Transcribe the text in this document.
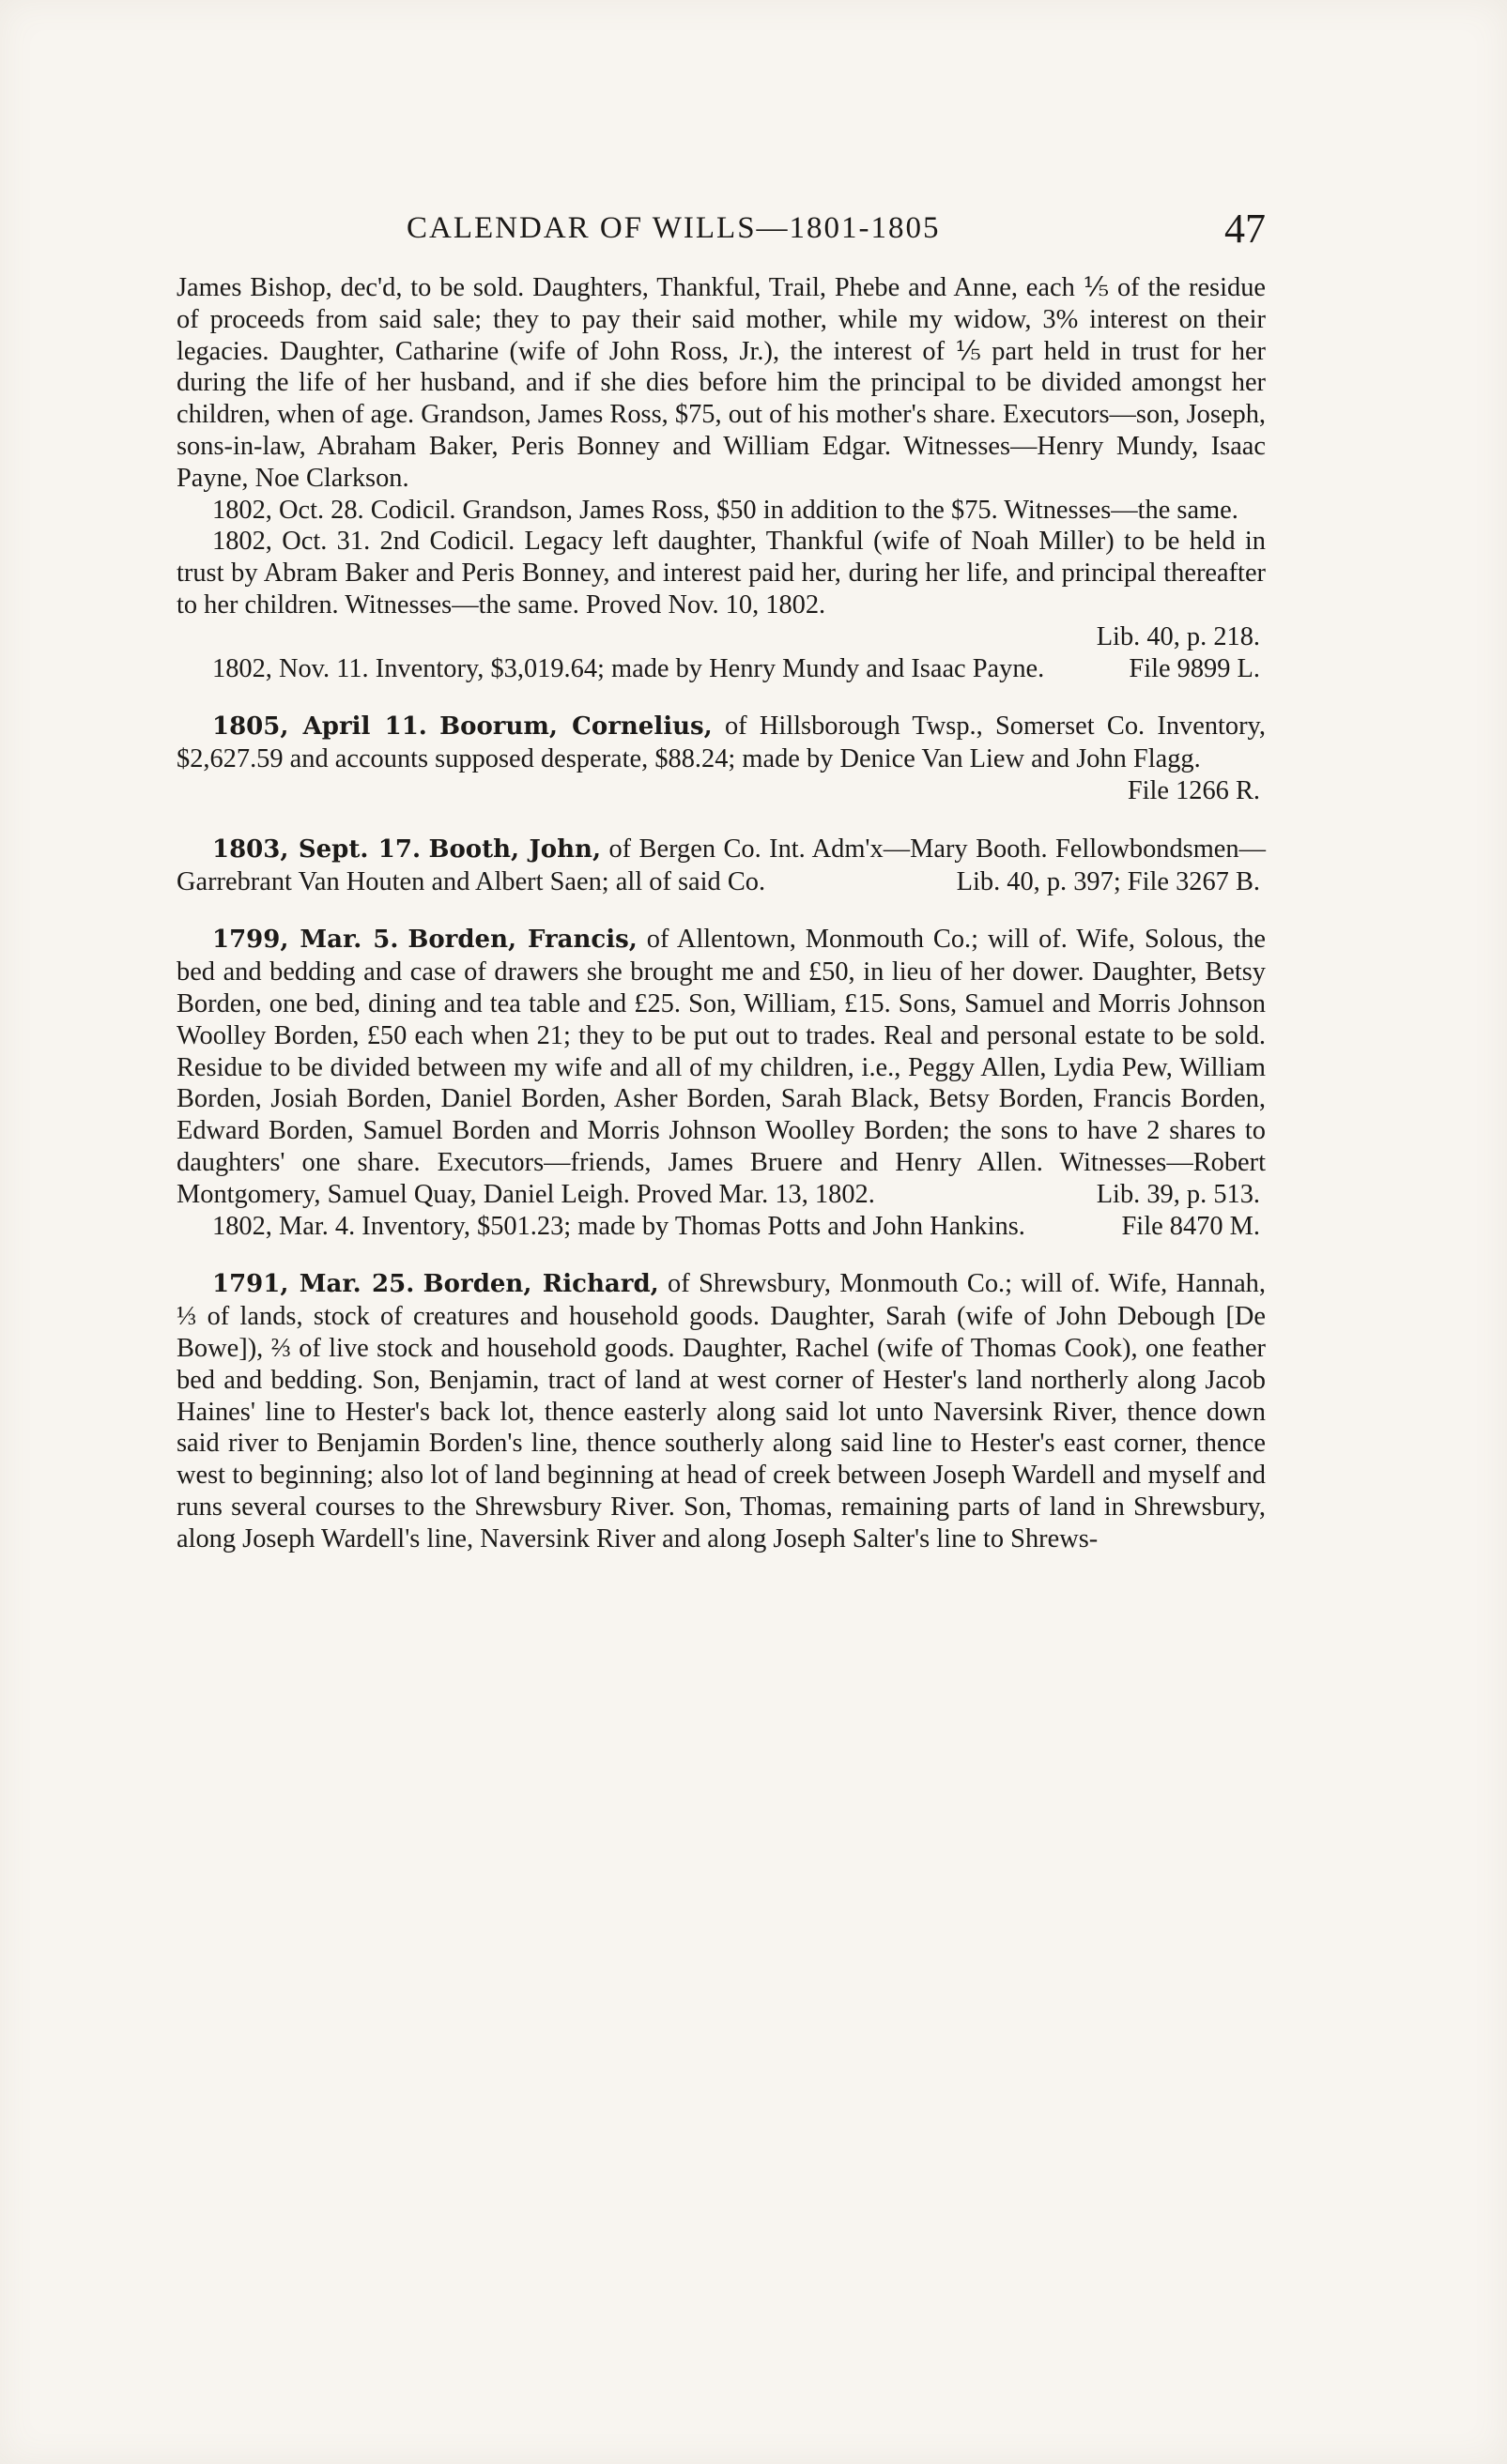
CALENDAR OF WILLS—1801-1805	47

James Bishop, dec'd, to be sold. Daughters, Thankful, Trail, Phebe and Anne, each ⅕ of the residue of proceeds from said sale; they to pay their said mother, while my widow, 3% interest on their legacies. Daughter, Catharine (wife of John Ross, Jr.), the interest of ⅕ part held in trust for her during the life of her husband, and if she dies before him the principal to be divided amongst her children, when of age. Grandson, James Ross, $75, out of his mother's share. Executors—son, Joseph, sons-in-law, Abraham Baker, Peris Bonney and William Edgar. Witnesses—Henry Mundy, Isaac Payne, Noe Clarkson.

1802, Oct. 28. Codicil. Grandson, James Ross, $50 in addition to the $75. Witnesses—the same.

1802, Oct. 31. 2nd Codicil. Legacy left daughter, Thankful (wife of Noah Miller) to be held in trust by Abram Baker and Peris Bonney, and interest paid her, during her life, and principal thereafter to her children. Witnesses—the same. Proved Nov. 10, 1802.

Lib. 40, p. 218.

1802, Nov. 11. Inventory, $3,019.64; made by Henry Mundy and Isaac Payne.	File 9899 L.

1805, April 11. Boorum, Cornelius, of Hillsborough Twsp., Somerset Co. Inventory, $2,627.59 and accounts supposed desperate, $88.24; made by Denice Van Liew and John Flagg.
File 1266 R.

1803, Sept. 17. Booth, John, of Bergen Co. Int. Adm'x—Mary Booth. Fellowbondsmen—Garrebrant Van Houten and Albert Saen; all of said Co.	Lib. 40, p. 397; File 3267 B.

1799, Mar. 5. Borden, Francis, of Allentown, Monmouth Co.; will of. Wife, Solous, the bed and bedding and case of drawers she brought me and £50, in lieu of her dower. Daughter, Betsy Borden, one bed, dining and tea table and £25. Son, William, £15. Sons, Samuel and Morris Johnson Woolley Borden, £50 each when 21; they to be put out to trades. Real and personal estate to be sold. Residue to be divided between my wife and all of my children, i.e., Peggy Allen, Lydia Pew, William Borden, Josiah Borden, Daniel Borden, Asher Borden, Sarah Black, Betsy Borden, Francis Borden, Edward Borden, Samuel Borden and Morris Johnson Woolley Borden; the sons to have 2 shares to daughters' one share. Executors—friends, James Bruere and Henry Allen. Witnesses—Robert Montgomery, Samuel Quay, Daniel Leigh. Proved Mar. 13, 1802.	Lib. 39, p. 513.

1802, Mar. 4. Inventory, $501.23; made by Thomas Potts and John Hankins.	File 8470 M.

1791, Mar. 25. Borden, Richard, of Shrewsbury, Monmouth Co.; will of. Wife, Hannah, ⅓ of lands, stock of creatures and household goods. Daughter, Sarah (wife of John Debough [De Bowe]), ⅔ of live stock and household goods. Daughter, Rachel (wife of Thomas Cook), one feather bed and bedding. Son, Benjamin, tract of land at west corner of Hester's land northerly along Jacob Haines' line to Hester's back lot, thence easterly along said lot unto Naversink River, thence down said river to Benjamin Borden's line, thence southerly along said line to Hester's east corner, thence west to beginning; also lot of land beginning at head of creek between Joseph Wardell and myself and runs several courses to the Shrewsbury River. Son, Thomas, remaining parts of land in Shrewsbury, along Joseph Wardell's line, Naversink River and along Joseph Salter's line to Shrews-
